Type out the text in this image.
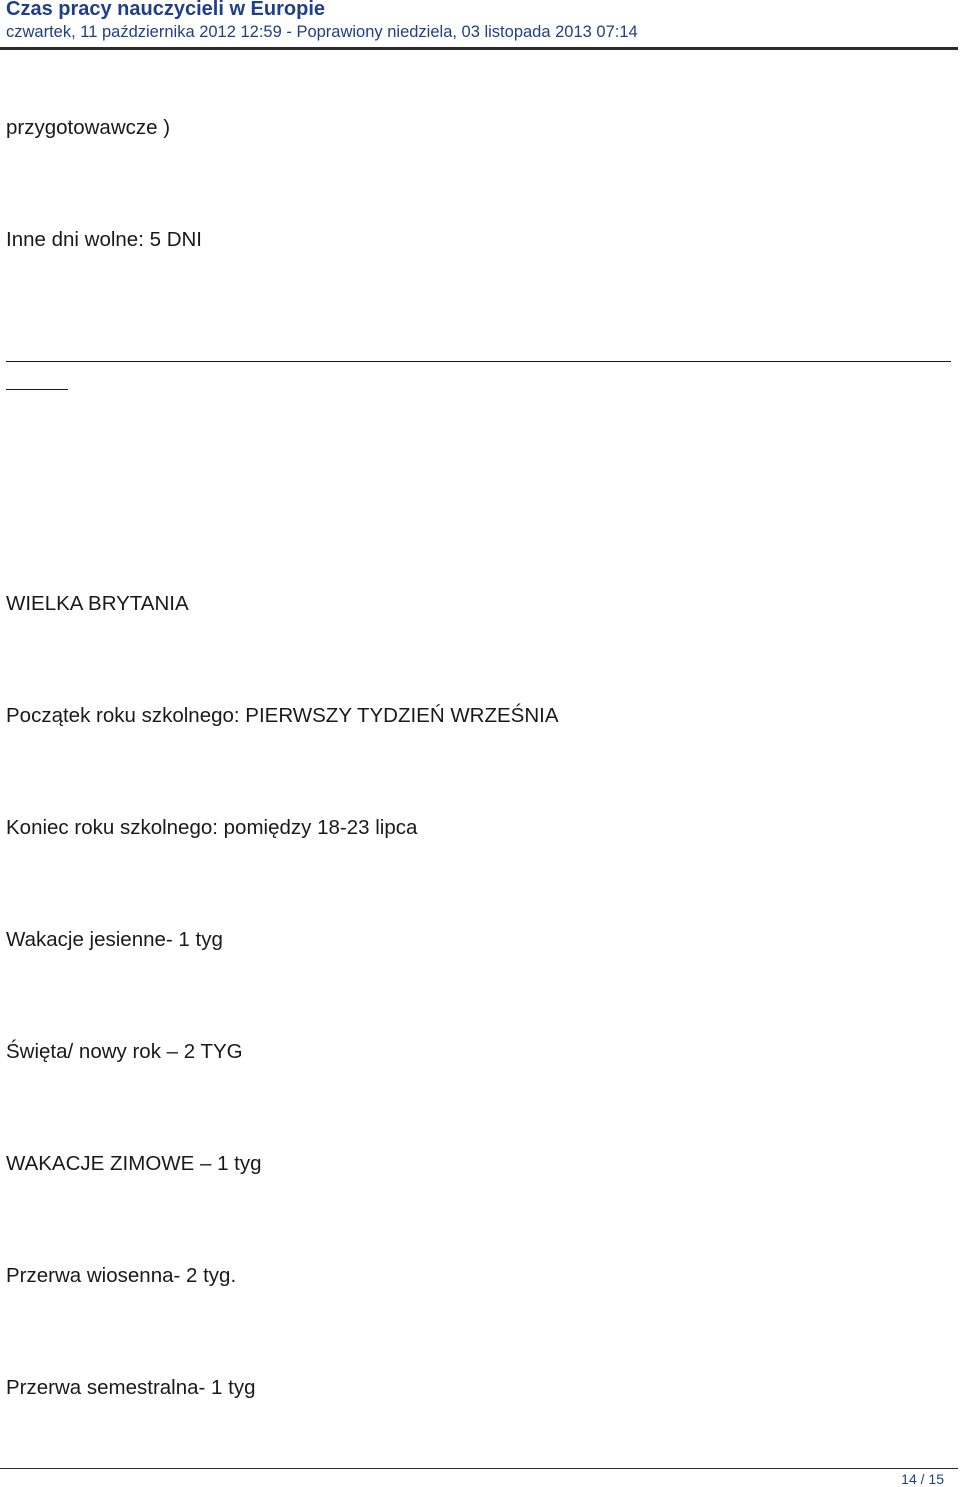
Czas pracy nauczycieli w Europie
czwartek, 11 października 2012 12:59 - Poprawiony niedziela, 03 listopada 2013 07:14
przygotowawcze )
Inne dni wolne: 5 DNI
WIELKA BRYTANIA
Początek roku szkolnego: PIERWSZY TYDZIEŃ WRZEŚNIA
Koniec roku szkolnego: pomiędzy 18-23 lipca
Wakacje jesienne- 1 tyg
Święta/ nowy rok – 2 TYG
WAKACJE ZIMOWE – 1 tyg
Przerwa wiosenna- 2 tyg.
Przerwa semestralna- 1 tyg
14 / 15
